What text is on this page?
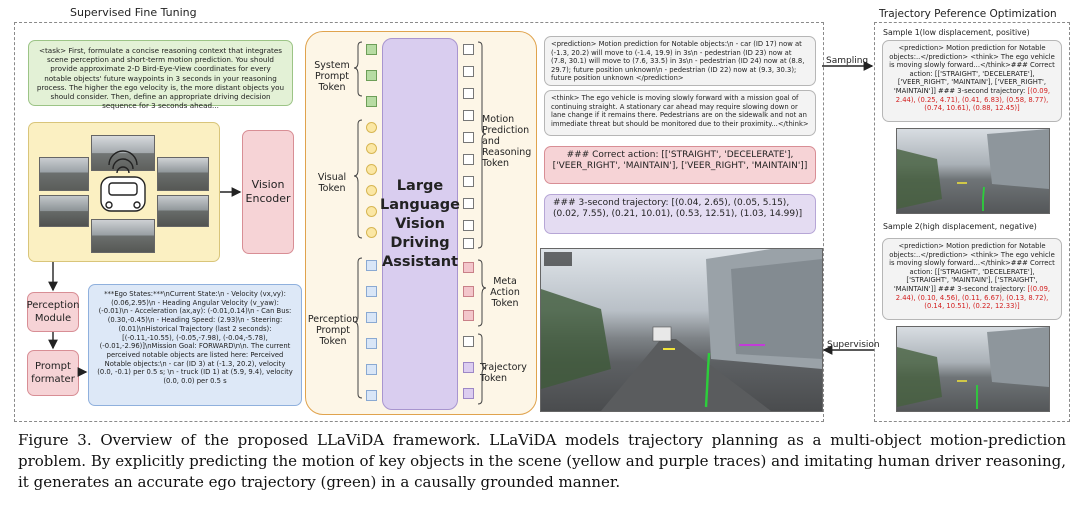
Supervised Fine Tuning	Trajectory Peference Optimization
<task> First, formulate a concise reasoning context that integrates scene perception and short-term motion prediction. You should provide approximate 2-D Bird-Eye-View coordinates for every notable objects' future waypoints in 3 seconds in your reasoning process. The higher the ego velocity is, the more distant objects you should consider. Then, define an appropriate driving decision sequence for 3 seconds ahead...
Vision
Encoder
Perception
Module
Prompt
formater
***Ego States:***\nCurrent State:\n - Velocity (vx,vy): (0.06,2.95)\n - Heading Angular Velocity (v_yaw): (-0.01)\n - Acceleration (ax,ay): (-0.01,0.14)\n - Can Bus: (0.30,-0.45)\n - Heading Speed: (2.93)\n - Steering: (0.01)\nHistorical Trajectory (last 2 seconds): [(-0.11,-10.55), (-0.05,-7.98), (-0.04,-5.78), (-0.01,-2.96)]\nMission Goal: FORWARD\n\n. The current perceived notable objects are listed here: Perceived Notable objects:\n - car (ID 3) at (-1.3, 20.2), velocity (0.0, -0.1) per 0.5 s; \n - truck (ID 1) at (5.9, 9.4), velocity (0.0, 0.0) per 0.5 s
Large
Language
Vision
Driving
Assistant
System
Prompt
Token
Visual
Token
Perception
Prompt
Token
Motion
Prediction
and
Reasoning
Token
Meta
Action
Token
Trajectory
Token
<prediction> Motion prediction for Notable objects:\n - car (ID 17) now at (-1.3, 20.2) will move to (-1.4, 19.9) in 3s\n - pedestrian (ID 23) now at (7.8, 30.1) will move to (7.6, 33.5) in 3s\n - pedestrian (ID 24) now at (8.8, 29.7); future position unknown\n - pedestrian (ID 22) now at (9.3, 30.3); future position unknown </prediction>
<think> The ego vehicle is moving slowly forward with a mission goal of continuing straight. A stationary car ahead may require slowing down or lane change if it remains there. Pedestrians are on the sidewalk and not an immediate threat but should be monitored due to their proximity...</think>
### Correct action: [['STRAIGHT', 'DECELERATE'], ['VEER_RIGHT', 'MAINTAIN'], ['VEER_RIGHT', 'MAINTAIN']]
### 3-second trajectory: [(0.04, 2.65), (0.05, 5.15), (0.02, 7.55), (0.21, 10.01), (0.53, 12.51), (1.03, 14.99)]
Sampling
Supervision
Sample 1(low displacement, positive)
<prediction> Motion prediction for Notable objects:..</prediction> <think> The ego vehicle is moving slowly forward...</think>### Correct action: [['STRAIGHT', 'DECELERATE'], ['VEER_RIGHT', 'MAINTAIN'], ['VEER_RIGHT', 'MAINTAIN']] ### 3-second trajectory: [(0.09, 2.44), (0.25, 4.71), (0.41, 6.83), (0.58, 8.77), (0.74, 10.61), (0.88, 12.45)]
Sample 2(high displacement, negative)
<prediction> Motion prediction for Notable objects:..</prediction> <think> The ego vehicle is moving slowly forward...</think>### Correct action: [['STRAIGHT', 'DECELERATE'], ['STRAIGHT', 'MAINTAIN'], ['STRAIGHT', 'MAINTAIN']] ### 3-second trajectory: [(0.09, 2.44), (0.10, 4.56), (0.11, 6.67), (0.13, 8.72), (0.14, 10.51), (0.22, 12.33)]
Figure 3. Overview of the proposed LLaViDA framework. LLaViDA models trajectory planning as a multi-object motion-prediction problem. By explicitly predicting the motion of key objects in the scene (yellow and purple traces) and imitating human driver reasoning, it generates an accurate ego trajectory (green) in a causally grounded manner.
